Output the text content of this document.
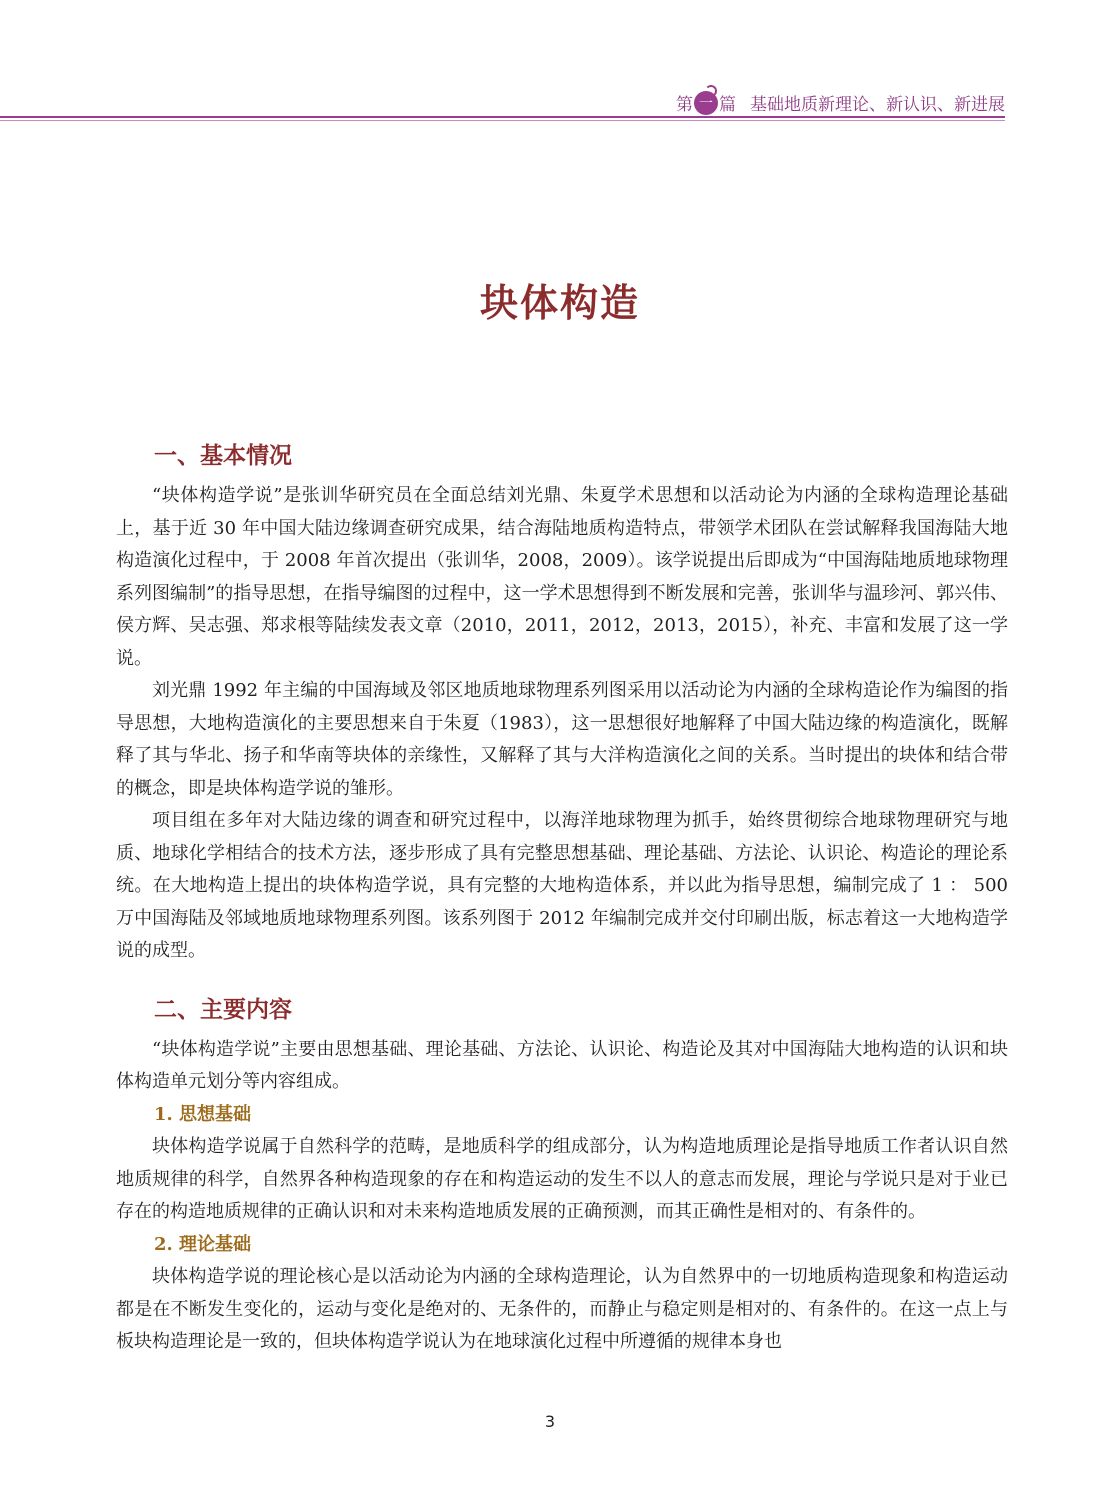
第 一 篇 基础地质新理论、新认识、新进展
块体构造
一、基本情况

“块体构造学说”是张训华研究员在全面总结刘光鼎、朱夏学术思想和以活动论为内涵的全球构造理论基础上，基于近 30 年中国大陆边缘调查研究成果，结合海陆地质构造特点，带领学术团队在尝试解释我国海陆大地构造演化过程中，于 2008 年首次提出（张训华，2008，2009）。该学说提出后即成为“中国海陆地质地球物理系列图编制”的指导思想，在指导编图的过程中，这一学术思想得到不断发展和完善，张训华与温珍河、郭兴伟、侯方辉、吴志强、郑求根等陆续发表文章（2010，2011，2012，2013，2015），补充、丰富和发展了这一学说。

刘光鼎 1992 年主编的中国海域及邻区地质地球物理系列图采用以活动论为内涵的全球构造论作为编图的指导思想，大地构造演化的主要思想来自于朱夏（1983），这一思想很好地解释了中国大陆边缘的构造演化，既解释了其与华北、扬子和华南等块体的亲缘性，又解释了其与大洋构造演化之间的关系。当时提出的块体和结合带的概念，即是块体构造学说的雏形。

项目组在多年对大陆边缘的调查和研究过程中，以海洋地球物理为抓手，始终贯彻综合地球物理研究与地质、地球化学相结合的技术方法，逐步形成了具有完整思想基础、理论基础、方法论、认识论、构造论的理论系统。在大地构造上提出的块体构造学说，具有完整的大地构造体系，并以此为指导思想，编制完成了 1 ： 500 万中国海陆及邻域地质地球物理系列图。该系列图于 2012 年编制完成并交付印刷出版，标志着这一大地构造学说的成型。

二、主要内容

“块体构造学说”主要由思想基础、理论基础、方法论、认识论、构造论及其对中国海陆大地构造的认识和块体构造单元划分等内容组成。

1. 思想基础

块体构造学说属于自然科学的范畴，是地质科学的组成部分，认为构造地质理论是指导地质工作者认识自然地质规律的科学，自然界各种构造现象的存在和构造运动的发生不以人的意志而发展，理论与学说只是对于业已存在的构造地质规律的正确认识和对未来构造地质发展的正确预测，而其正确性是相对的、有条件的。

2. 理论基础

块体构造学说的理论核心是以活动论为内涵的全球构造理论，认为自然界中的一切地质构造现象和构造运动都是在不断发生变化的，运动与变化是绝对的、无条件的，而静止与稳定则是相对的、有条件的。在这一点上与板块构造理论是一致的，但块体构造学说认为在地球演化过程中所遵循的规律本身也

3
